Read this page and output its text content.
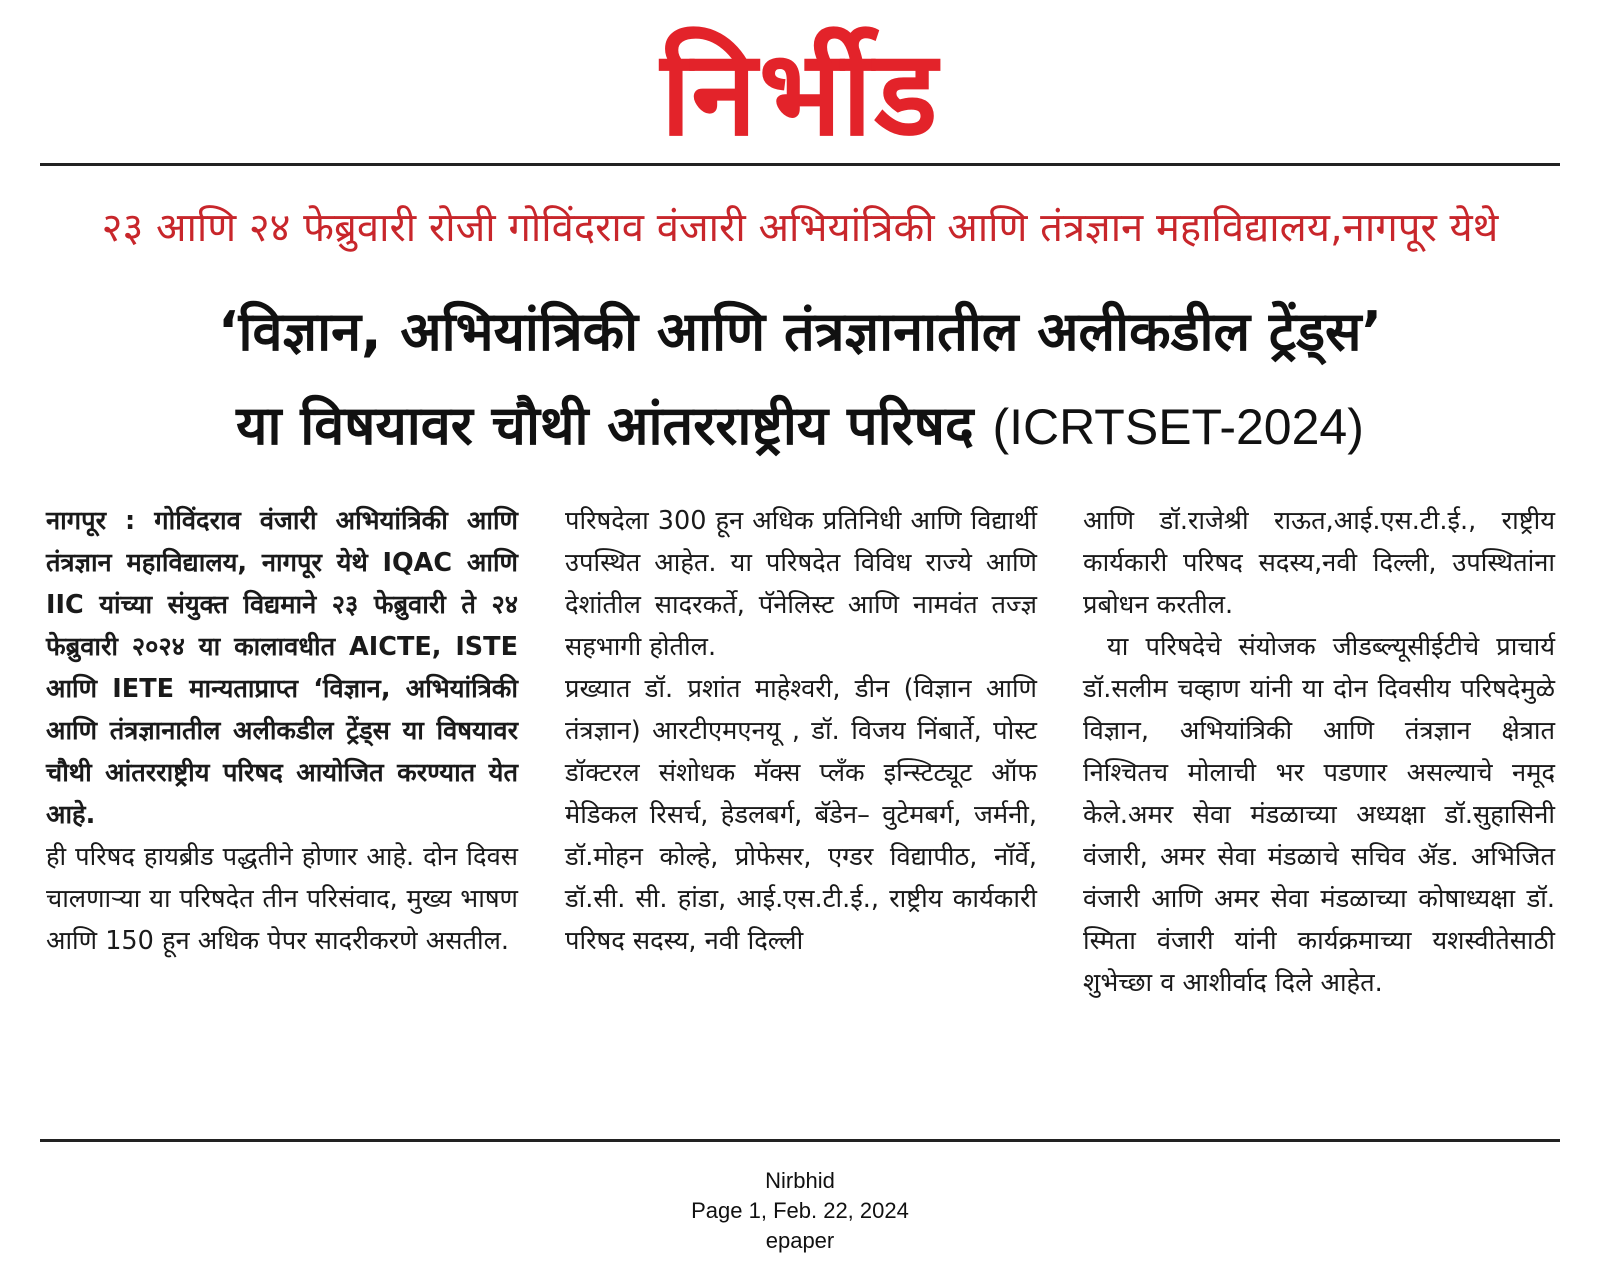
निर्भीड
२३ आणि २४ फेब्रुवारी रोजी गोविंदराव वंजारी अभियांत्रिकी आणि तंत्रज्ञान महाविद्यालय,नागपूर येथे
‘विज्ञान, अभियांत्रिकी आणि तंत्रज्ञानातील अलीकडील ट्रेंड्स’
या विषयावर चौथी आंतरराष्ट्रीय परिषद (ICRTSET-2024)

नागपूर : गोविंदराव वंजारी अभियांत्रिकी आणि तंत्रज्ञान महाविद्यालय, नागपूर येथे IQAC आणि IIC यांच्या संयुक्त विद्यमाने २३ फेब्रुवारी ते २४ फेब्रुवारी २०२४ या कालावधीत AICTE, ISTE आणि IETE मान्यताप्राप्त ‘विज्ञान, अभियांत्रिकी आणि तंत्रज्ञानातील अलीकडील ट्रेंड्स या विषयावर चौथी आंतरराष्ट्रीय परिषद आयोजित करण्यात येत आहे.

ही परिषद हायब्रीड पद्धतीने होणार आहे. दोन दिवस चालणाऱ्या या परिषदेत तीन परिसंवाद, मुख्य भाषण आणि 150 हून अधिक पेपर सादरीकरणे असतील.

परिषदेला 300 हून अधिक प्रतिनिधी आणि विद्यार्थी उपस्थित आहेत. या परिषदेत विविध राज्ये आणि देशांतील सादरकर्ते, पॅनेलिस्ट आणि नामवंत तज्ज्ञ सहभागी होतील.

प्रख्यात डॉ. प्रशांत माहेश्वरी, डीन (विज्ञान आणि तंत्रज्ञान) आरटीएमएनयू , डॉ. विजय निंबार्ते, पोस्ट डॉक्टरल संशोधक मॅक्स प्लँक इन्स्टिट्यूट ऑफ मेडिकल रिसर्च, हेडलबर्ग, बॅडेन– वुटेमबर्ग, जर्मनी, डॉ.मोहन कोल्हे, प्रोफेसर, एग्डर विद्यापीठ, नॉर्वे, डॉ.सी. सी. हांडा, आई.एस.टी.ई., राष्ट्रीय कार्यकारी परिषद सदस्य, नवी दिल्ली

आणि डॉ.राजेश्री राऊत,आई.एस.टी.ई., राष्ट्रीय कार्यकारी परिषद सदस्य,नवी दिल्ली, उपस्थितांना प्रबोधन करतील.

या परिषदेचे संयोजक जीडब्ल्यूसीईटीचे प्राचार्य डॉ.सलीम चव्हाण यांनी या दोन दिवसीय परिषदेमुळे विज्ञान, अभियांत्रिकी आणि तंत्रज्ञान क्षेत्रात निश्चितच मोलाची भर पडणार असल्याचे नमूद केले.अमर सेवा मंडळाच्या अध्यक्षा डॉ.सुहासिनी वंजारी, अमर सेवा मंडळाचे सचिव ॲड. अभिजित वंजारी आणि अमर सेवा मंडळाच्या कोषाध्यक्षा डॉ. स्मिता वंजारी यांनी कार्यक्रमाच्या यशस्वीतेसाठी शुभेच्छा व आशीर्वाद दिले आहेत.

Nirbhid
Page 1, Feb. 22, 2024
epaper
